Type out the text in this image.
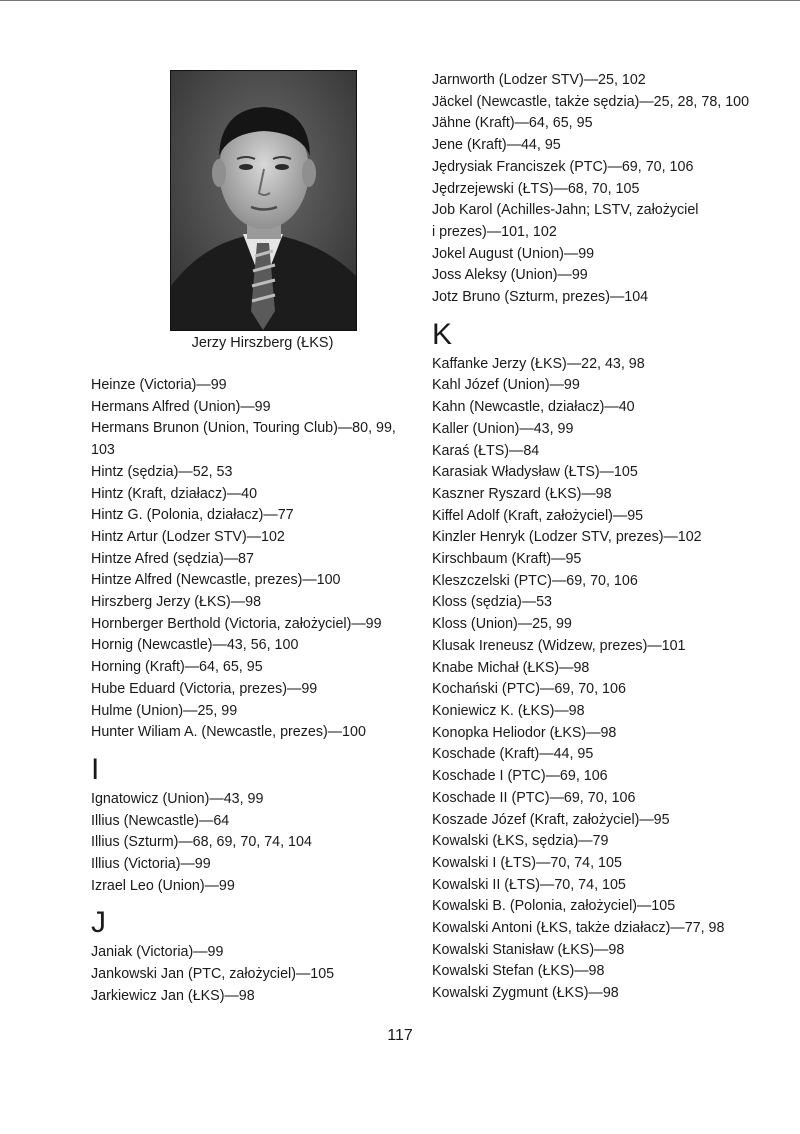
Jerzy Hirszberg (ŁKS)
Heinze (Victoria)—99
Hermans Alfred (Union)—99
Hermans Brunon (Union, Touring Club)—80, 99,
103
Hintz (sędzia)—52, 53
Hintz (Kraft, działacz)—40
Hintz G. (Polonia, działacz)—77
Hintz Artur (Lodzer STV)—102
Hintze Afred (sędzia)—87
Hintze Alfred (Newcastle, prezes)—100
Hirszberg Jerzy (ŁKS)—98
Hornberger Berthold (Victoria, założyciel)—99
Hornig (Newcastle)—43, 56, 100
Horning (Kraft)—64, 65, 95
Hube Eduard (Victoria, prezes)—99
Hulme (Union)—25, 99
Hunter Wiliam A. (Newcastle, prezes)—100
I
Ignatowicz (Union)—43, 99
Illius (Newcastle)—64
Illius (Szturm)—68, 69, 70, 74, 104
Illius (Victoria)—99
Izrael Leo (Union)—99
J
Janiak (Victoria)—99
Jankowski Jan (PTC, założyciel)—105
Jarkiewicz Jan (ŁKS)—98
Jarnworth (Lodzer STV)—25, 102
Jäckel (Newcastle, także sędzia)—25, 28, 78, 100
Jähne (Kraft)—64, 65, 95
Jene (Kraft)—44, 95
Jędrysiak Franciszek (PTC)—69, 70, 106
Jędrzejewski (ŁTS)—68, 70, 105
Job Karol (Achilles-Jahn; LSTV, założyciel
i prezes)—101, 102
Jokel August (Union)—99
Joss Aleksy (Union)—99
Jotz Bruno (Szturm, prezes)—104
K
Kaffanke Jerzy (ŁKS)—22, 43, 98
Kahl Józef (Union)—99
Kahn (Newcastle, działacz)—40
Kaller (Union)—43, 99
Karaś (ŁTS)—84
Karasiak Władysław (ŁTS)—105
Kaszner Ryszard (ŁKS)—98
Kiffel Adolf (Kraft, założyciel)—95
Kinzler Henryk (Lodzer STV, prezes)—102
Kirschbaum (Kraft)—95
Kleszczelski (PTC)—69, 70, 106
Kloss (sędzia)—53
Kloss (Union)—25, 99
Klusak Ireneusz (Widzew, prezes)—101
Knabe Michał (ŁKS)—98
Kochański (PTC)—69, 70, 106
Koniewicz K. (ŁKS)—98
Konopka Heliodor (ŁKS)—98
Koschade (Kraft)—44, 95
Koschade I (PTC)—69, 106
Koschade II (PTC)—69, 70, 106
Koszade Józef (Kraft, założyciel)—95
Kowalski (ŁKS, sędzia)—79
Kowalski I (ŁTS)—70, 74, 105
Kowalski II (ŁTS)—70, 74, 105
Kowalski B. (Polonia, założyciel)—105
Kowalski Antoni (ŁKS, także działacz)—77, 98
Kowalski Stanisław (ŁKS)—98
Kowalski Stefan (ŁKS)—98
Kowalski Zygmunt (ŁKS)—98
117
